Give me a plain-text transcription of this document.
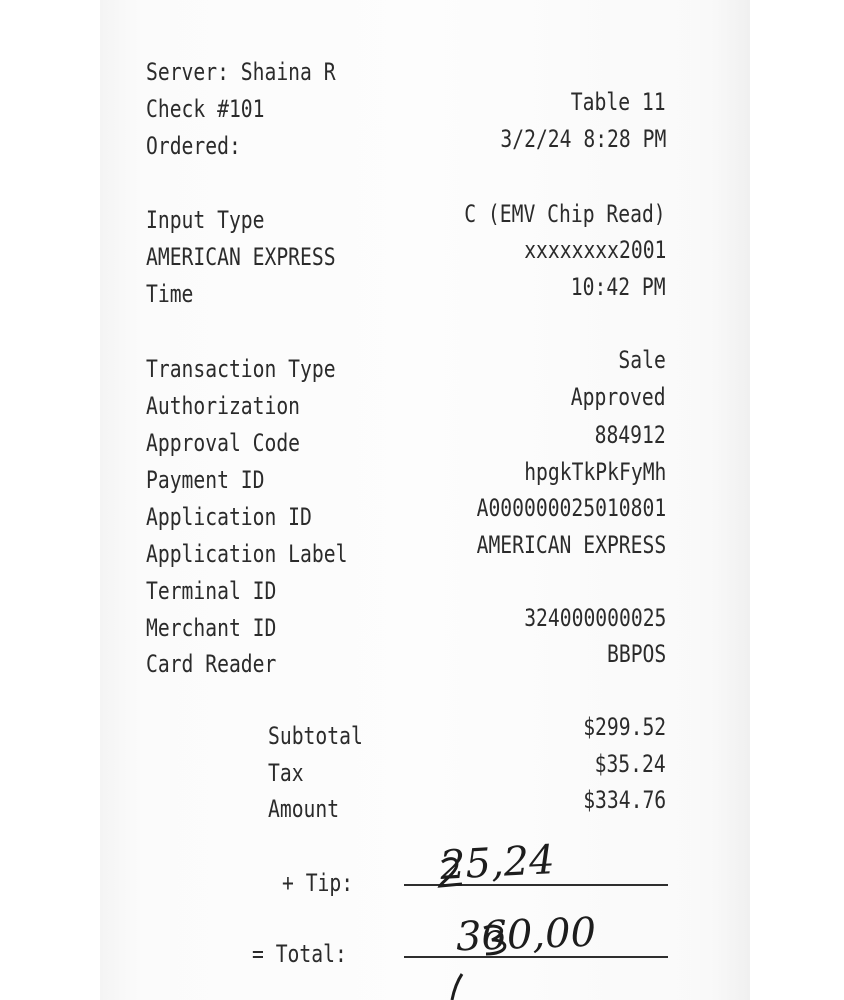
Server: Shaina R
Check #101	Table 11
Ordered:	3/2/24 8:28 PM
Input Type	C (EMV Chip Read)
AMERICAN EXPRESS	xxxxxxxx2001
Time	10:42 PM
Transaction Type	Sale
Authorization	Approved
Approval Code	884912
Payment ID	hpgkTkPkFyMh
Application ID	A000000025010801
Application Label	AMERICAN EXPRESS
Terminal ID
Merchant ID	324000000025
Card Reader	BBPOS
Subtotal	$299.52
Tax	$35.24
Amount	$334.76
+ Tip: 25,24
= Total:	360,00
